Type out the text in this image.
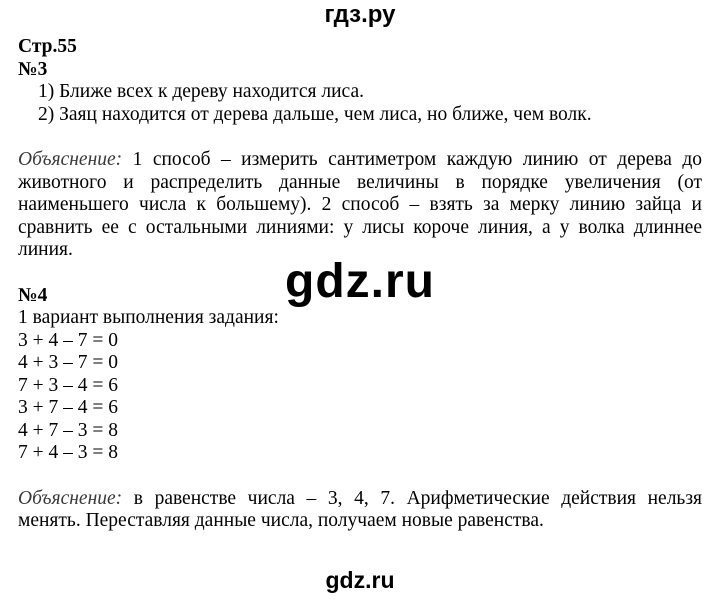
гдз.ру
Стр.55
№3
1) Ближе всех к дереву находится лиса.
2) Заяц находится от дерева дальше, чем лиса, но ближе, чем волк.
Объяснение: 1 способ – измерить сантиметром каждую линию от дерева до животного и распределить данные величины в порядке увеличения (от наименьшего числа к большему). 2 способ – взять за мерку линию зайца и сравнить ее с остальными линиями: у лисы короче линия, а у волка длиннее линия.
№4
1 вариант выполнения задания:
3 + 4 – 7 = 0
4 + 3 – 7 = 0
7 + 3 – 4 = 6
3 + 7 – 4 = 6
4 + 7 – 3 = 8
7 + 4 – 3 = 8
Объяснение: в равенстве числа – 3, 4, 7. Арифметические действия нельзя менять. Переставляя данные числа, получаем новые равенства.
gdz.ru
gdz.ru
